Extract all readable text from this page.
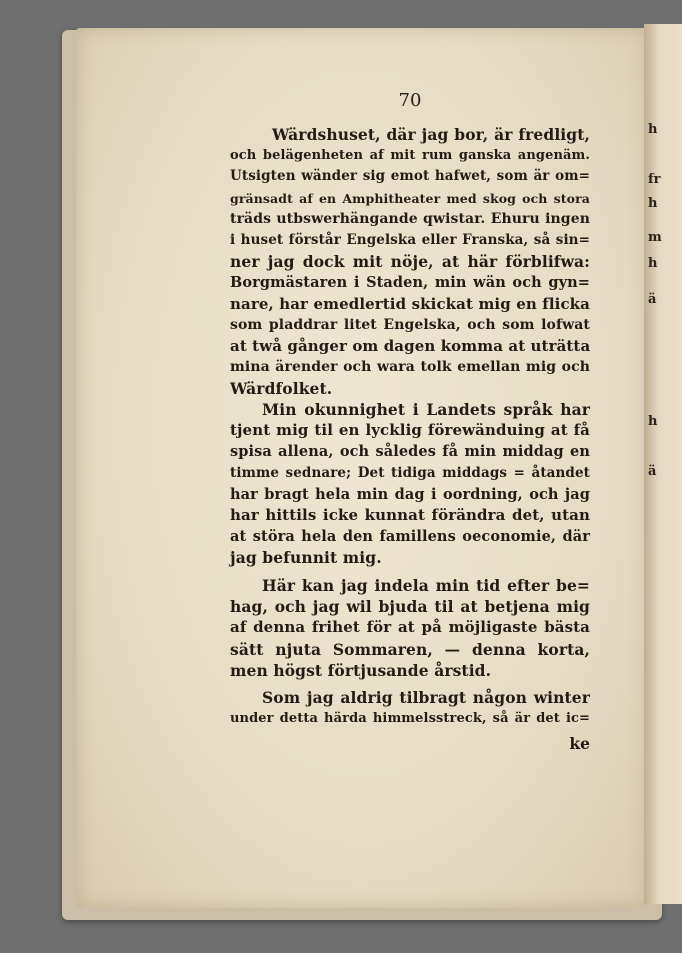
h
fr
h
m
h
ä
h
ä
70
Wärdshuset, där jag bor, är fredligt,
och belägenheten af mit rum ganska angenäm.
Utsigten wänder sig emot hafwet, som är om=
gränsadt af en Amphitheater med skog och stora
träds utbswerhängande qwistar. Ehuru ingen
i huset förstår Engelska eller Franska, så sin=
ner jag dock mit nöje, at här förblifwa:
Borgmästaren i Staden, min wän och gyn=
nare, har emedlertid skickat mig en flicka
som pladdrar litet Engelska, och som lofwat
at twå gånger om dagen komma at uträtta
mina ärender och wara tolk emellan mig och
Wärdfolket.
Min okunnighet i Landets språk har
tjent mig til en lycklig förewänduing at få
spisa allena, och således få min middag en
timme sednare; Det tidiga middags = åtandet
har bragt hela min dag i oordning, och jag
har hittils icke kunnat förändra det, utan
at störa hela den famillens oeconomie, där
jag befunnit mig.
Här kan jag indela min tid efter be=
hag, och jag wil bjuda til at betjena mig
af denna frihet för at på möjligaste bästa
sätt njuta Sommaren, — denna korta,
men högst förtjusande årstid.
Som jag aldrig tilbragt någon winter
under detta härda himmelsstreck, så är det ic=
ke
